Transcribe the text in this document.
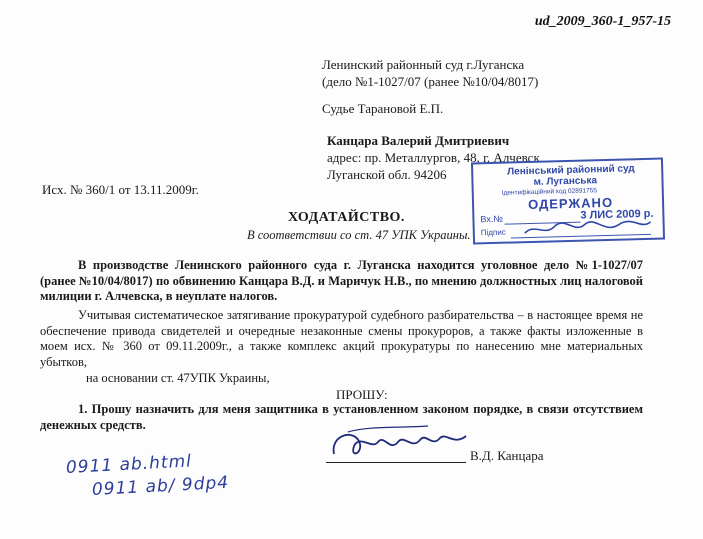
ud_2009_360-1_957-15
Ленинский районный суд г.Луганска
(дело №1-1027/07 (ранее №10/04/8017)
Судье Тарановой Е.П.
Канцара Валерий Дмитриевич
адрес: пр. Металлургов, 48, г. Алчевск
Луганской обл. 94206
Исх. № 360/1 от 13.11.2009г.
Ленінський районний суд
м. Луганська
Ідентифікаційний код 02891755
ОДЕРЖАНО
Вх.№	3 ЛИС 2009 р.
Підпис
ХОДАТАЙСТВО.
В соответствии со ст. 47 УПК Украины.

В производстве Ленинского районного суда г. Луганска находится уголовное дело №1-1027/07 (ранее №10/04/8017) по обвинению Канцара В.Д. и Маричук Н.В., по мнению должностных лиц налоговой милиции г. Алчевска, в неуплате налогов.

Учитывая систематическое затягивание прокуратурой судебного разбирательства – в настоящее время не обеспечение привода свидетелей и очередные незаконные смены прокуроров, а также факты изложенные в моем исх. № 360 от 09.11.2009г., а также комплекс акций прокуратуры по нанесению мне материальных убытков,

на основании ст. 47УПК Украины,
ПРОШУ:

1. Прошу назначить для меня защитника в установленном законом порядке, в связи отсутствием денежных средств.

В.Д. Канцара
0911 ab.html
0911 ab/ 9dp4
